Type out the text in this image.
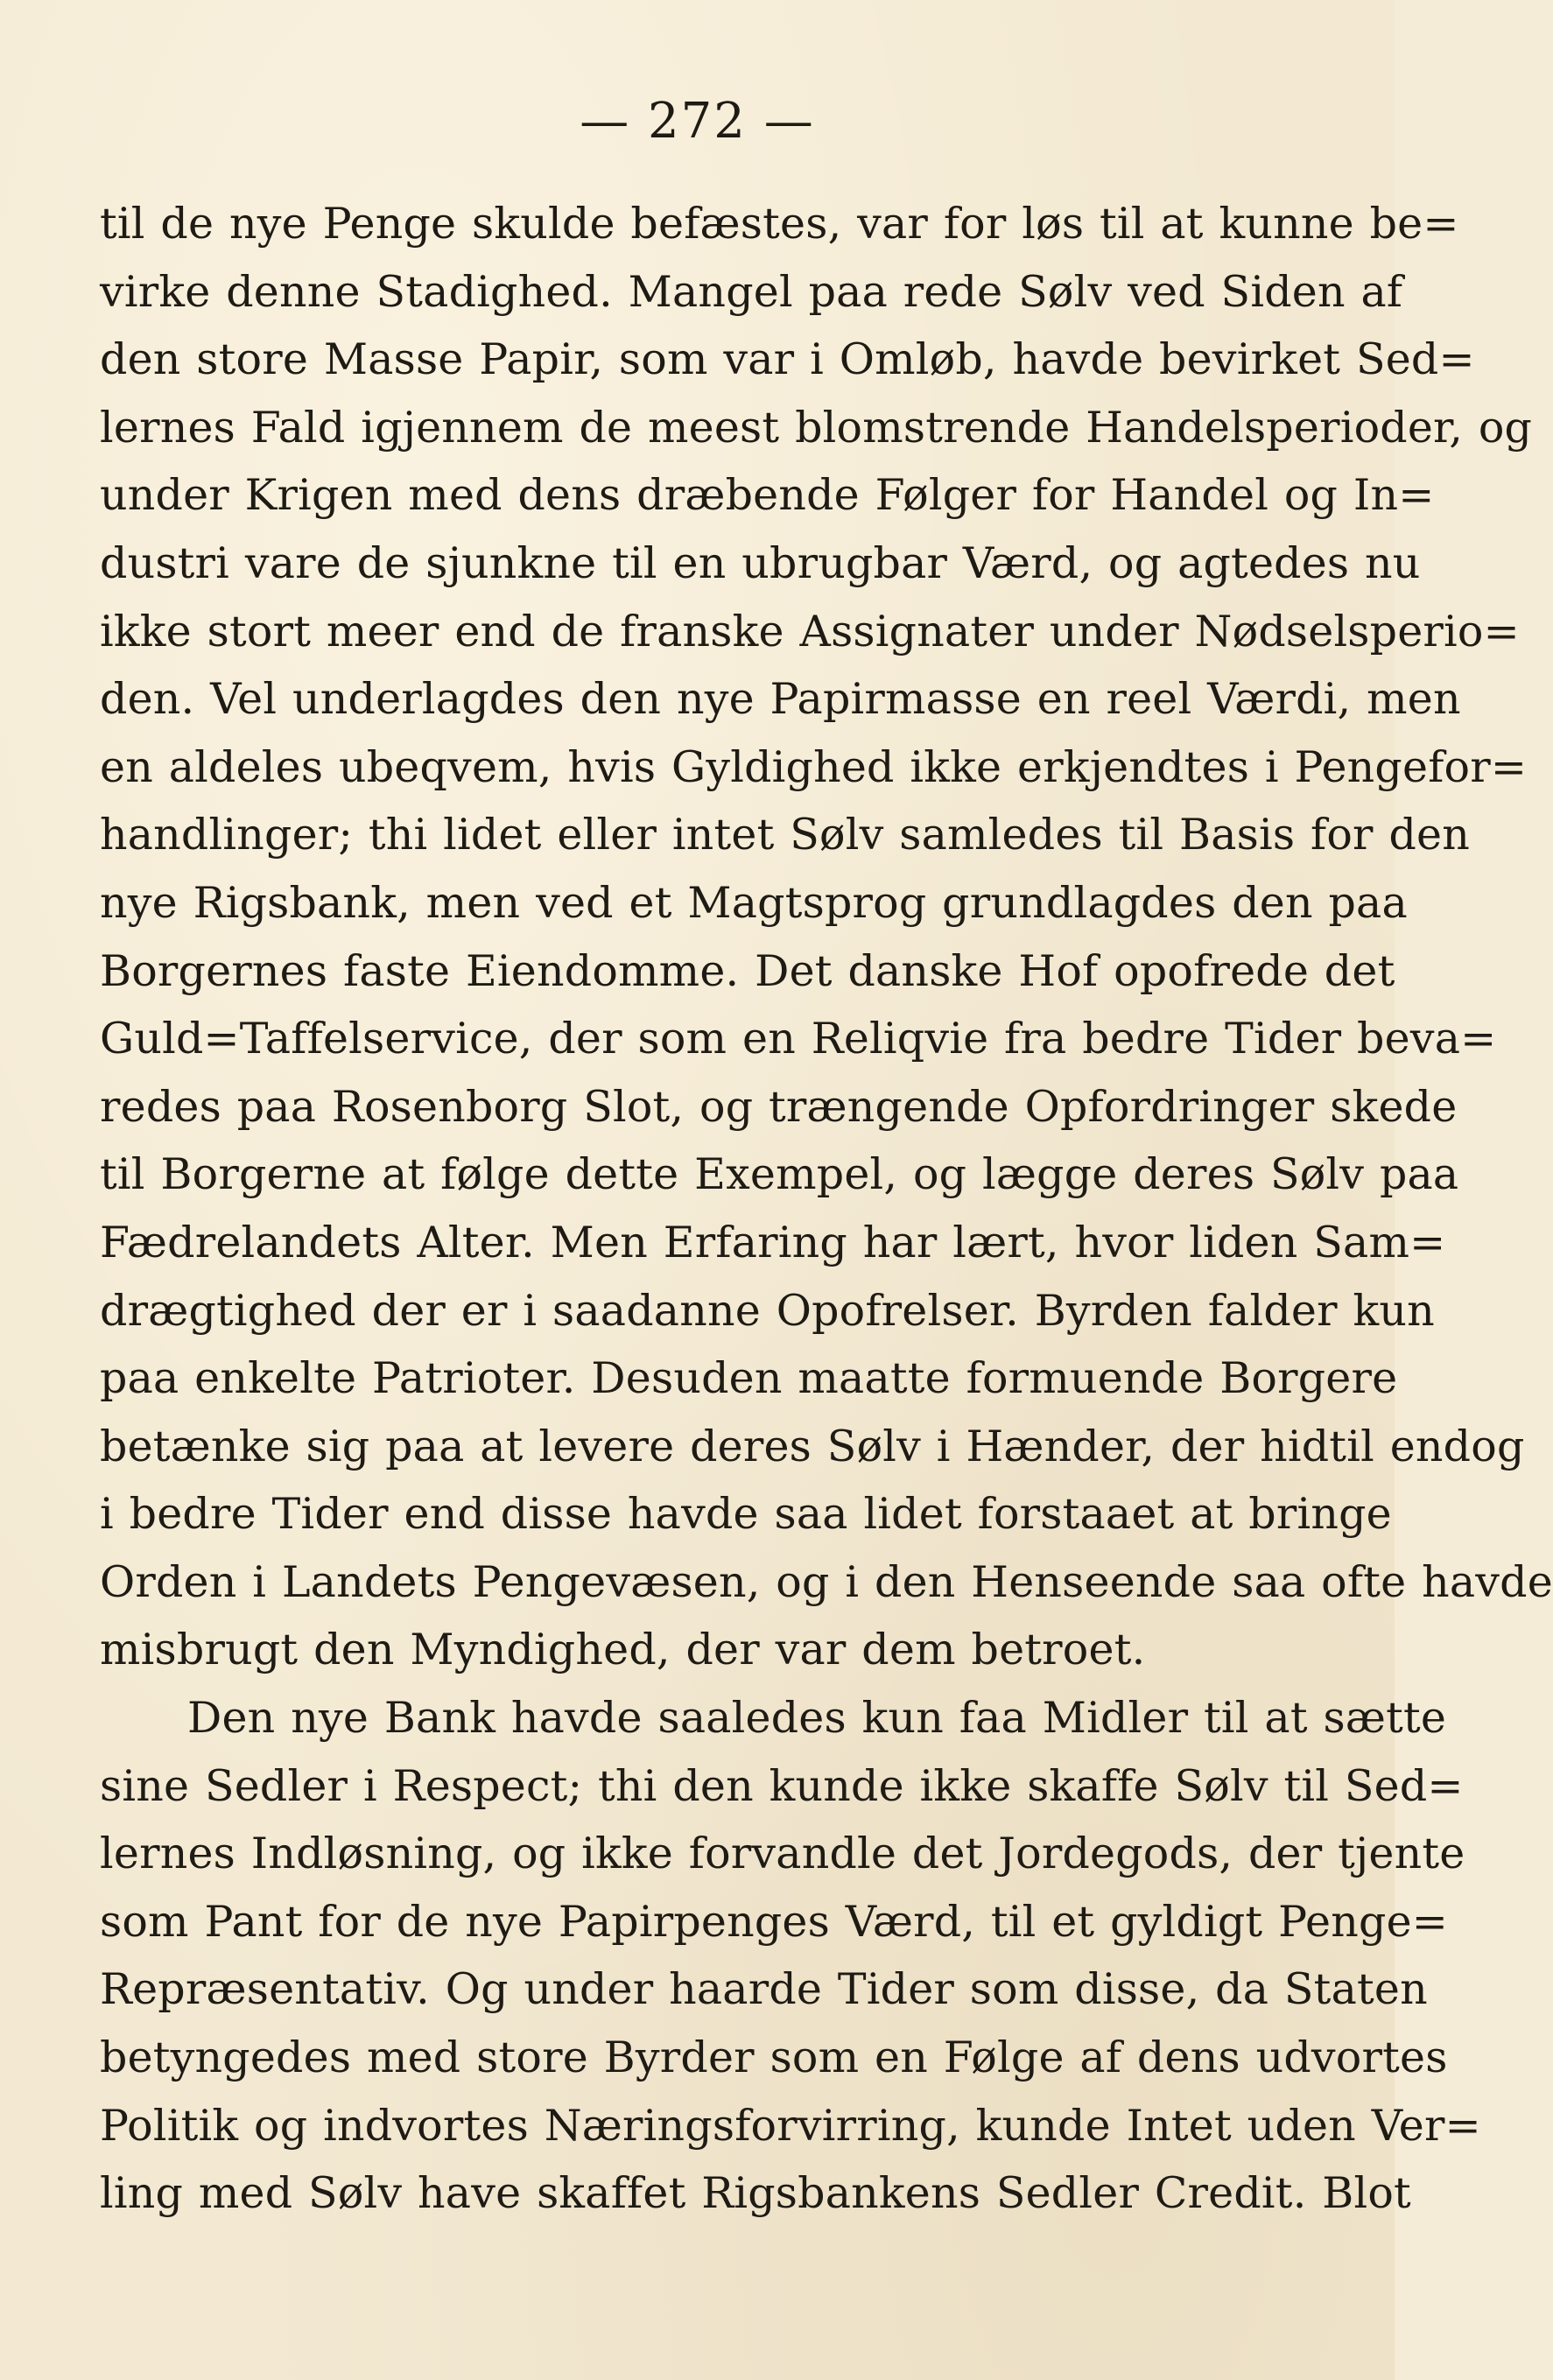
— 272 —
til de nye Penge skulde befæstes, var for løs til at kunne be=
virke denne Stadighed. Mangel paa rede Sølv ved Siden af
den store Masse Papir, som var i Omløb, havde bevirket Sed=
lernes Fald igjennem de meest blomstrende Handelsperioder, og
under Krigen med dens dræbende Følger for Handel og In=
dustri vare de sjunkne til en ubrugbar Værd, og agtedes nu
ikke stort meer end de franske Assignater under Nødselsperio=
den. Vel underlagdes den nye Papirmasse en reel Værdi, men
en aldeles ubeqvem, hvis Gyldighed ikke erkjendtes i Pengefor=
handlinger; thi lidet eller intet Sølv samledes til Basis for den
nye Rigsbank, men ved et Magtsprog grundlagdes den paa
Borgernes faste Eiendomme. Det danske Hof opofrede det
Guld=Taffelservice, der som en Reliqvie fra bedre Tider beva=
redes paa Rosenborg Slot, og trængende Opfordringer skede
til Borgerne at følge dette Exempel, og lægge deres Sølv paa
Fædrelandets Alter. Men Erfaring har lært, hvor liden Sam=
drægtighed der er i saadanne Opofrelser. Byrden falder kun
paa enkelte Patrioter. Desuden maatte formuende Borgere
betænke sig paa at levere deres Sølv i Hænder, der hidtil endog
i bedre Tider end disse havde saa lidet forstaaet at bringe
Orden i Landets Pengevæsen, og i den Henseende saa ofte havde
misbrugt den Myndighed, der var dem betroet.
Den nye Bank havde saaledes kun faa Midler til at sætte
sine Sedler i Respect; thi den kunde ikke skaffe Sølv til Sed=
lernes Indløsning, og ikke forvandle det Jordegods, der tjente
som Pant for de nye Papirpenges Værd, til et gyldigt Penge=
Repræsentativ. Og under haarde Tider som disse, da Staten
betyngedes med store Byrder som en Følge af dens udvortes
Politik og indvortes Næringsforvirring, kunde Intet uden Ver=
ling med Sølv have skaffet Rigsbankens Sedler Credit. Blot
